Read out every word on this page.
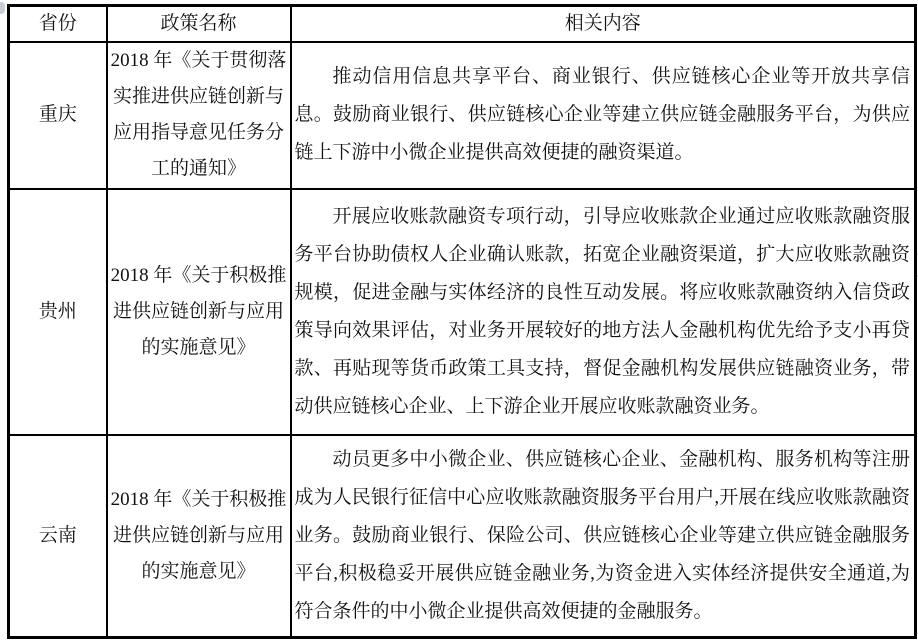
省份	政策名称	相关内容
重庆	2018 年《关于贯彻落实推进供应链创新与应用指导意见任务分工的通知》	推动信用信息共享平台、商业银行、供应链核心企业等开放共享信息。鼓励商业银行、供应链核心企业等建立供应链金融服务平台，为供应链上下游中小微企业提供高效便捷的融资渠道。

贵州	2018 年《关于积极推进供应链创新与应用的实施意见》	开展应收账款融资专项行动，引导应收账款企业通过应收账款融资服务平台协助债权人企业确认账款，拓宽企业融资渠道，扩大应收账款融资规模，促进金融与实体经济的良性互动发展。将应收账款融资纳入信贷政策导向效果评估，对业务开展较好的地方法人金融机构优先给予支小再贷款、再贴现等货币政策工具支持，督促金融机构发展供应链融资业务，带动供应链核心企业、上下游企业开展应收账款融资业务。

云南	2018 年《关于积极推进供应链创新与应用的实施意见》	动员更多中小微企业、供应链核心企业、金融机构、服务机构等注册成为人民银行征信中心应收账款融资服务平台用户,开展在线应收账款融资业务。鼓励商业银行、保险公司、供应链核心企业等建立供应链金融服务平台,积极稳妥开展供应链金融业务,为资金进入实体经济提供安全通道,为符合条件的中小微企业提供高效便捷的金融服务。
